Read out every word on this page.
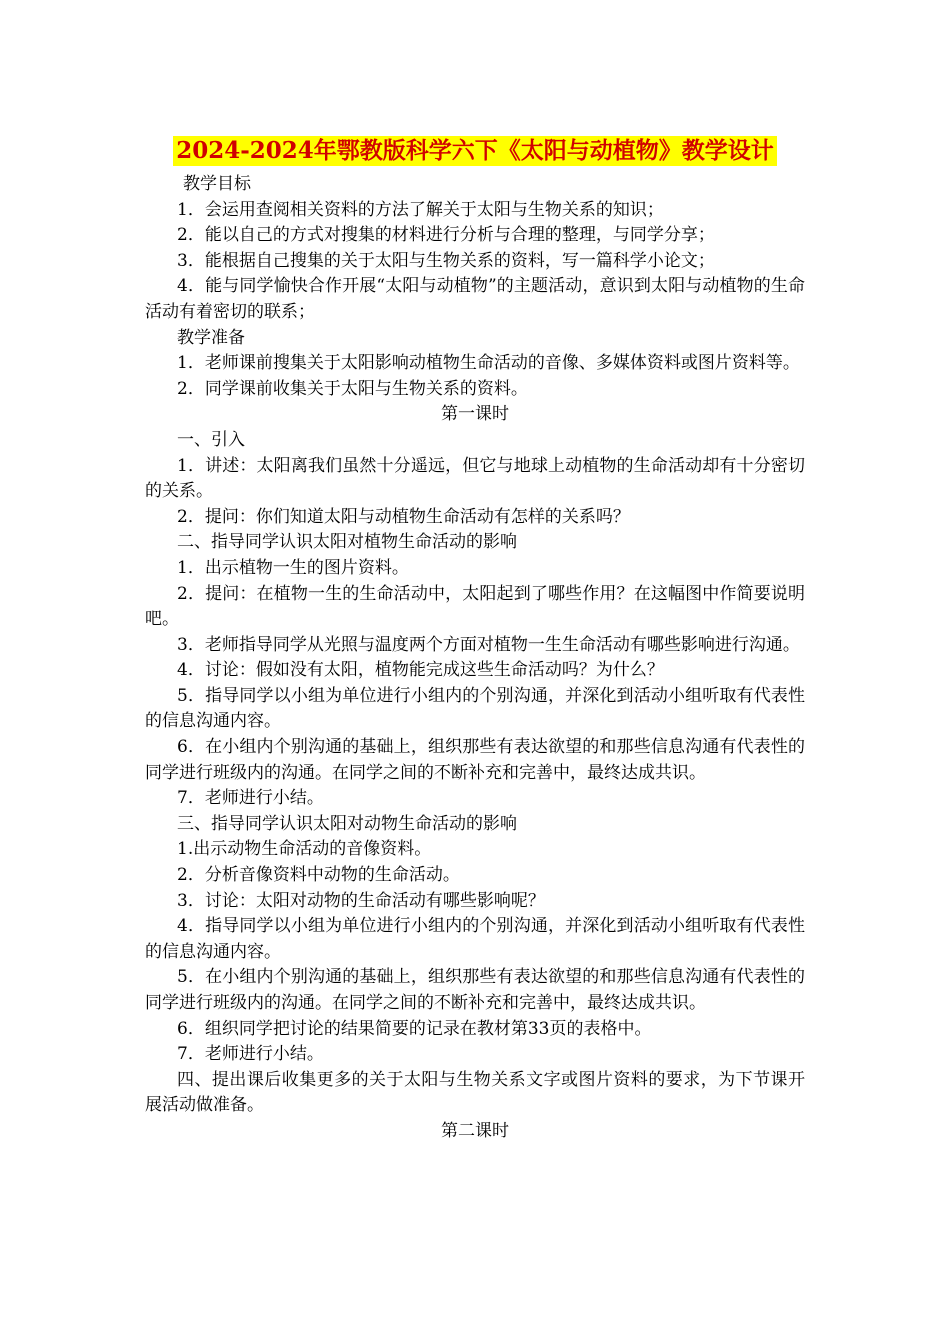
2024-2024年鄂教版科学六下《太阳与动植物》教学设计

教学目标

1．会运用查阅相关资料的方法了解关于太阳与生物关系的知识；

2．能以自己的方式对搜集的材料进行分析与合理的整理，与同学分享；

3．能根据自己搜集的关于太阳与生物关系的资料，写一篇科学小论文；

4．能与同学愉快合作开展“太阳与动植物”的主题活动，意识到太阳与动植物的生命活动有着密切的联系；

教学准备

1．老师课前搜集关于太阳影响动植物生命活动的音像、多媒体资料或图片资料等。

2．同学课前收集关于太阳与生物关系的资料。

第一课时

一、引入

1．讲述：太阳离我们虽然十分遥远，但它与地球上动植物的生命活动却有十分密切的关系。

2．提问：你们知道太阳与动植物生命活动有怎样的关系吗？

二、指导同学认识太阳对植物生命活动的影响

1．出示植物一生的图片资料。

2．提问：在植物一生的生命活动中，太阳起到了哪些作用？在这幅图中作简要说明吧。

3．老师指导同学从光照与温度两个方面对植物一生生命活动有哪些影响进行沟通。

4．讨论：假如没有太阳，植物能完成这些生命活动吗？为什么？

5．指导同学以小组为单位进行小组内的个别沟通，并深化到活动小组听取有代表性的信息沟通内容。

6．在小组内个别沟通的基础上，组织那些有表达欲望的和那些信息沟通有代表性的同学进行班级内的沟通。在同学之间的不断补充和完善中，最终达成共识。

7．老师进行小结。

三、指导同学认识太阳对动物生命活动的影响

1.出示动物生命活动的音像资料。

2．分析音像资料中动物的生命活动。

3．讨论：太阳对动物的生命活动有哪些影响呢？

4．指导同学以小组为单位进行小组内的个别沟通，并深化到活动小组听取有代表性的信息沟通内容。

5．在小组内个别沟通的基础上，组织那些有表达欲望的和那些信息沟通有代表性的同学进行班级内的沟通。在同学之间的不断补充和完善中，最终达成共识。

6．组织同学把讨论的结果简要的记录在教材第33页的表格中。

7．老师进行小结。

四、提出课后收集更多的关于太阳与生物关系文字或图片资料的要求，为下节课开展活动做准备。

第二课时
